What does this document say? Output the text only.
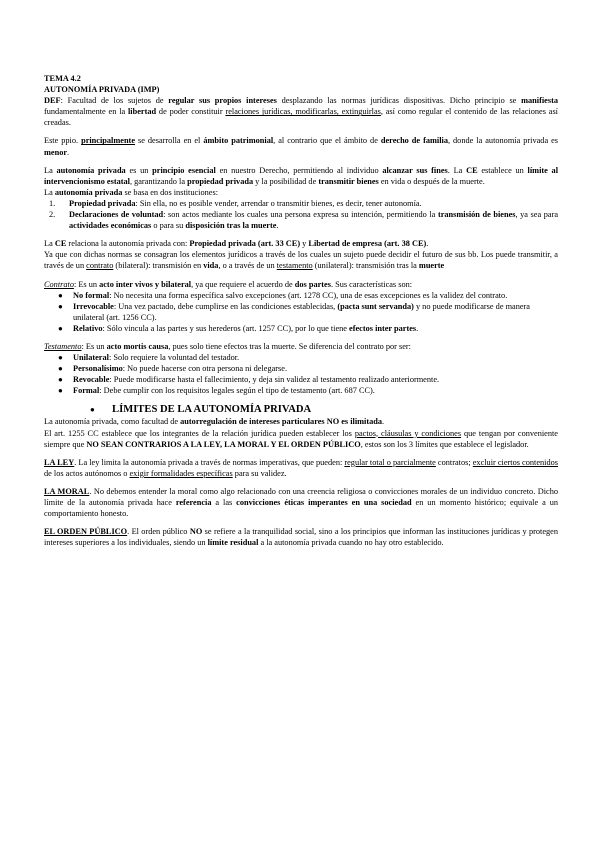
TEMA 4.2

AUTONOMÍA PRIVADA (IMP)

DEF: Facultad de los sujetos de regular sus propios intereses desplazando las normas jurídicas dispositivas. Dicho principio se manifiesta fundamentalmente en la libertad de poder constituir relaciones jurídicas, modificarlas, extinguirlas, así como regular el contenido de las relaciones así creadas.

Este ppio. principalmente se desarrolla en el ámbito patrimonial, al contrario que el ámbito de derecho de familia, donde la autonomía privada es menor.

La autonomía privada es un principio esencial en nuestro Derecho, permitiendo al individuo alcanzar sus fines. La CE establece un límite al intervencionismo estatal, garantizando la propiedad privada y la posibilidad de transmitir bienes en vida o después de la muerte.

La autonomía privada se basa en dos instituciones:

1.	Propiedad privada: Sin ella, no es posible vender, arrendar o transmitir bienes, es decir, tener autonomía.
2.	Declaraciones de voluntad: son actos mediante los cuales una persona expresa su intención, permitiendo la transmisión de bienes, ya sea para actividades económicas o para su disposición tras la muerte.

La CE relaciona la autonomía privada con: Propiedad privada (art. 33 CE) y Libertad de empresa (art. 38 CE).

Ya que con dichas normas se consagran los elementos jurídicos a través de los cuales un sujeto puede decidir el futuro de sus bb. Los puede transmitir, a través de un contrato (bilateral): transmisión en vida, o a través de un testamento (unilateral): transmisión tras la muerte

Contrato: Es un acto inter vivos y bilateral, ya que requiere el acuerdo de dos partes. Sus características son:

●	No formal: No necesita una forma específica salvo excepciones (art. 1278 CC), una de esas excepciones es la validez del contrato.
●	Irrevocable: Una vez pactado, debe cumplirse en las condiciones establecidas, (pacta sunt servanda) y no puede modificarse de manera unilateral (art. 1256 CC).
●	Relativo: Sólo vincula a las partes y sus herederos (art. 1257 CC), por lo que tiene efectos inter partes.

Testamento: Es un acto mortis causa, pues solo tiene efectos tras la muerte. Se diferencia del contrato por ser:

●	Unilateral: Solo requiere la voluntad del testador.
●	Personalísimo: No puede hacerse con otra persona ni delegarse.
●	Revocable: Puede modificarse hasta el fallecimiento, y deja sin validez al testamento realizado anteriormente.
●	Formal: Debe cumplir con los requisitos legales según el tipo de testamento (art. 687 CC).
●	LÍMITES DE LA AUTONOMÍA PRIVADA

La autonomía privada, como facultad de autorregulación de intereses particulares NO es ilimitada.

El art. 1255 CC establece que los integrantes de la relación jurídica pueden establecer los pactos, cláusulas y condiciones que tengan por conveniente siempre que NO SEAN CONTRARIOS A LA LEY, LA MORAL Y EL ORDEN PÚBLICO, estos son los 3 límites que establece el legislador.

LA LEY. La ley limita la autonomía privada a través de normas imperativas, que pueden: regular total o parcialmente contratos; excluir ciertos contenidos de los actos autónomos o exigir formalidades específicas para su validez.

LA MORAL. No debemos entender la moral como algo relacionado con una creencia religiosa o convicciones morales de un individuo concreto. Dicho límite de la autonomía privada hace referencia a las convicciones éticas imperantes en una sociedad en un momento histórico; equivale a un comportamiento honesto.

EL ORDEN PÚBLICO. El orden público NO se refiere a la tranquilidad social, sino a los principios que informan las instituciones jurídicas y protegen intereses superiores a los individuales, siendo un límite residual a la autonomía privada cuando no hay otro establecido.
